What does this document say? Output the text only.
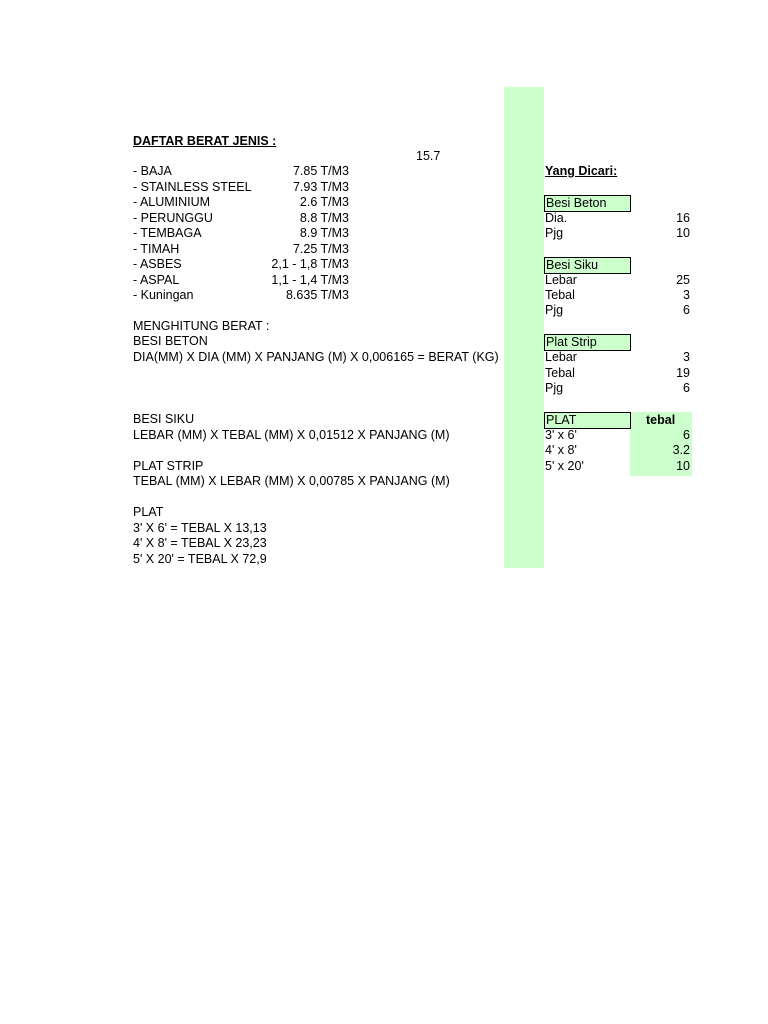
DAFTAR BERAT JENIS :
15.7
- BAJA	7.85 T/M3
- STAINLESS STEEL	7.93 T/M3
- ALUMINIUM	2.6 T/M3
- PERUNGGU	8.8 T/M3
- TEMBAGA	8.9 T/M3
- TIMAH	7.25 T/M3
- ASBES	2,1 - 1,8 T/M3
- ASPAL	1,1 - 1,4 T/M3
- Kuningan	8.635 T/M3
MENGHITUNG BERAT :
BESI BETON
DIA(MM) X DIA (MM) X PANJANG (M) X 0,006165 = BERAT (KG)
BESI SIKU
LEBAR (MM) X TEBAL (MM) X 0,01512 X PANJANG (M)
PLAT STRIP
TEBAL (MM) X LEBAR (MM) X 0,00785 X PANJANG (M)
PLAT
3' X 6' = TEBAL X 13,13
4' X 8' = TEBAL X 23,23
5' X 20' = TEBAL X 72,9
Yang Dicari:
Besi Beton
Dia.	16
Pjg	10
Besi Siku
Lebar	25
Tebal	3
Pjg	6
Plat Strip
Lebar	3
Tebal	19
Pjg	6
PLAT	tebal
3' x 6'	6
4' x 8'	3.2
5' x 20'	10
